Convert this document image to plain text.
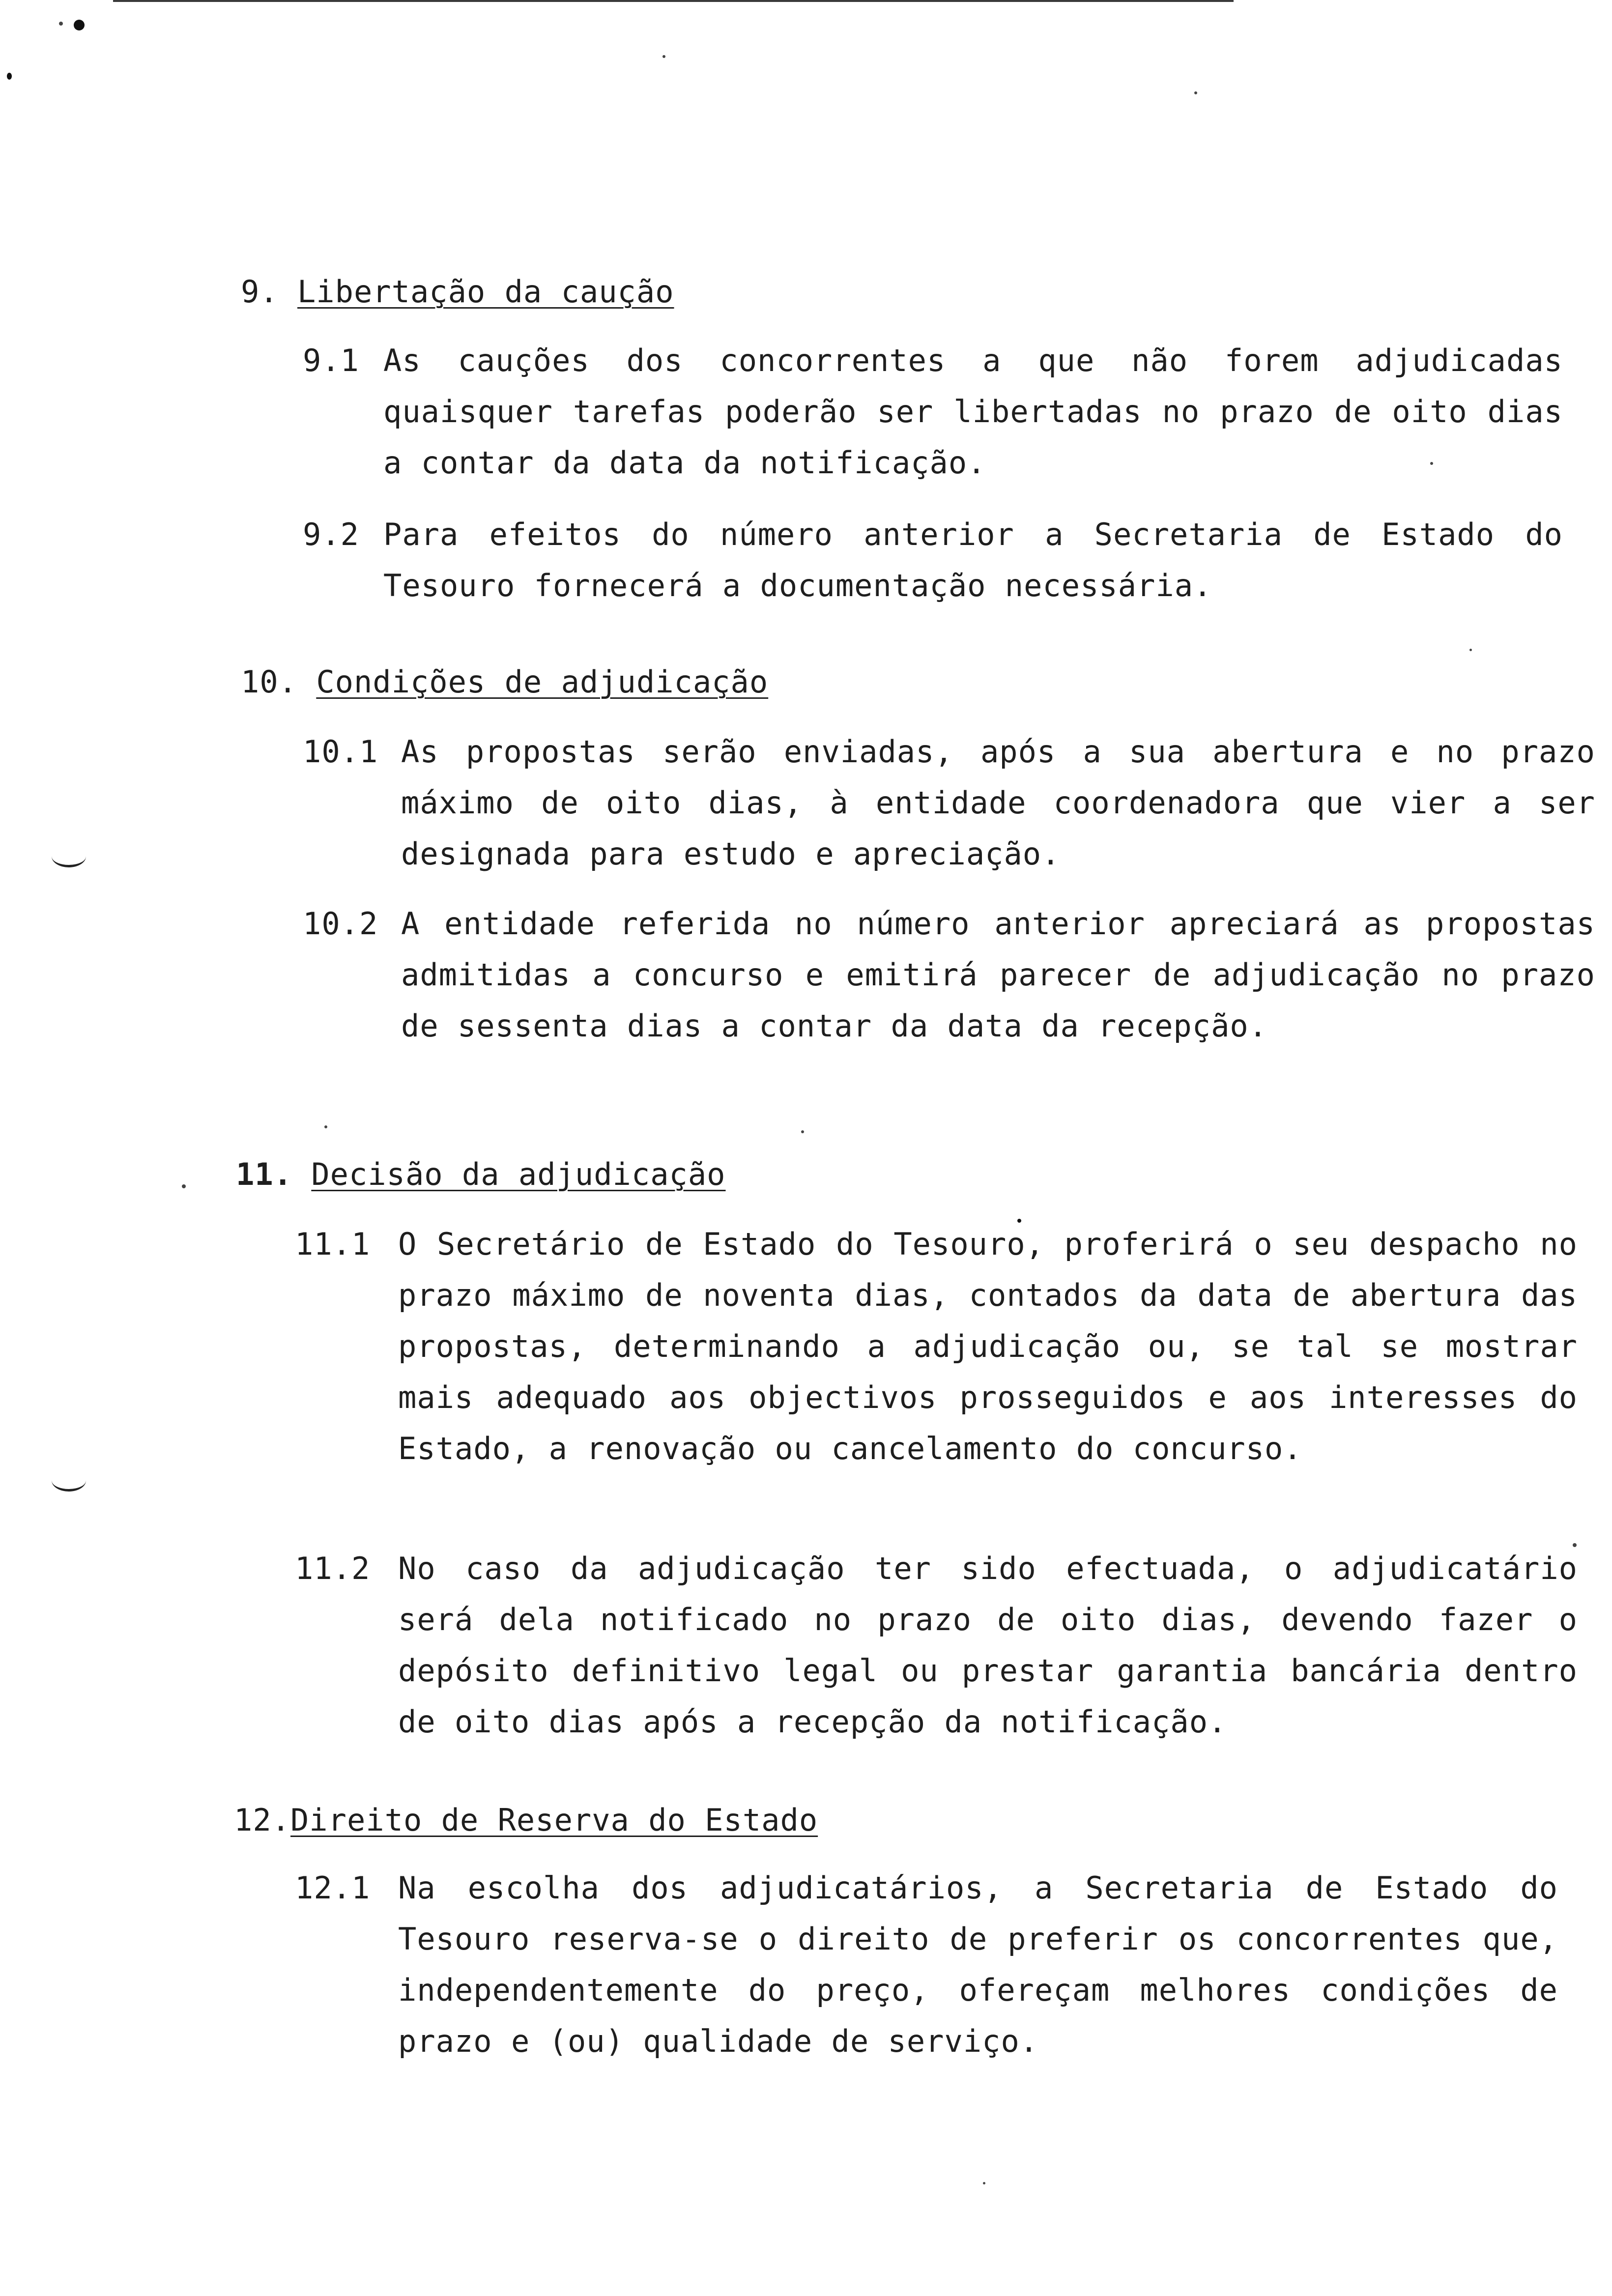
9. Libertação da caução
9.1 As cauções dos concorrentes a que não forem adjudicadas quaisquer tarefas poderão ser libertadas no prazo de oito dias a contar da data da notificação.
9.2 Para efeitos do número anterior a Secretaria de Estado do Tesouro fornecerá a documentação necessária.
10. Condições de adjudicação
10.1 As propostas serão enviadas, após a sua abertura e no prazo máximo de oito dias, à entidade coordenadora que vier a ser designada para estudo e apreciação.
10.2 A entidade referida no número anterior apreciará as propostas admitidas a concurso e emitirá parecer de adjudicação no prazo de sessenta dias a contar da data da recepção.
11. Decisão da adjudicação
11.1 O Secretário de Estado do Tesouro, proferirá o seu despacho no prazo máximo de noventa dias, contados da data de abertura das propostas, determinando a adjudicação ou, se tal se mostrar mais adequado aos objectivos prosseguidos e aos interesses do Estado, a renovação ou cancelamento do concurso.
11.2 No caso da adjudicação ter sido efectuada, o adjudicatário será dela notificado no prazo de oito dias, devendo fazer o depósito definitivo legal ou prestar garantia bancária dentro de oito dias após a recepção da notificação.
12.Direito de Reserva do Estado
12.1 Na escolha dos adjudicatários, a Secretaria de Estado do Tesouro reserva-se o direito de preferir os concorrentes que, independentemente do preço, ofereçam melhores condições de prazo e (ou) qualidade de serviço.
